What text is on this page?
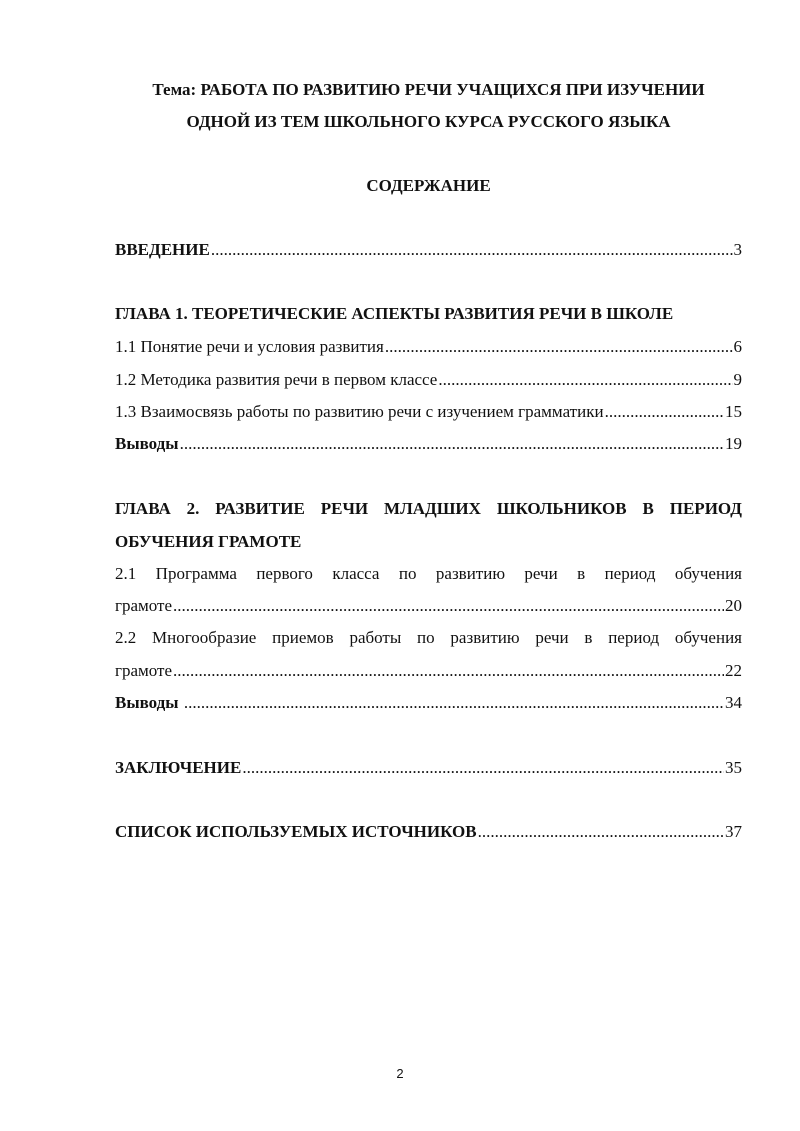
Тема: РАБОТА ПО РАЗВИТИЮ РЕЧИ УЧАЩИХСЯ ПРИ ИЗУЧЕНИИ
ОДНОЙ ИЗ ТЕМ ШКОЛЬНОГО КУРСА РУССКОГО ЯЗЫКА
СОДЕРЖАНИЕ
ВВЕДЕНИЕ .....	3
ГЛАВА 1. ТЕОРЕТИЧЕСКИЕ АСПЕКТЫ РАЗВИТИЯ РЕЧИ В ШКОЛЕ
1.1 Понятие речи и условия развития .....	6
1.2 Методика развития речи в первом классе .....	9
1.3 Взаимосвязь работы по развитию речи с изучением грамматики .....	15
Выводы .....	19
ГЛАВА 2. РАЗВИТИЕ РЕЧИ МЛАДШИХ ШКОЛЬНИКОВ В ПЕРИОД
ОБУЧЕНИЯ ГРАМОТЕ
2.1 Программа первого класса по развитию речи в период обучения
грамоте .....	20
2.2 Многообразие приемов работы по развитию речи в период обучения
грамоте .....	22
Выводы .....	34
ЗАКЛЮЧЕНИЕ .....	35
СПИСОК ИСПОЛЬЗУЕМЫХ ИСТОЧНИКОВ .....	37
2
